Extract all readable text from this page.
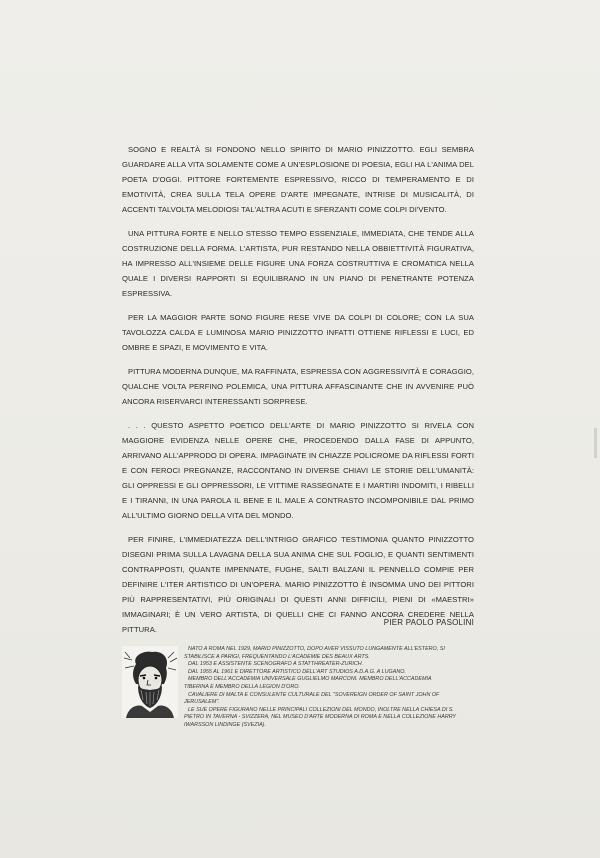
SOGNO E REALTÀ SI FONDONO NELLO SPIRITO DI MARIO PINIZZOTTO. EGLI SEMBRA GUARDARE ALLA VITA SOLAMENTE COME A UN'ESPLOSIONE DI POESIA, EGLI HA L'ANIMA DEL POETA D'OGGI. PITTORE FORTEMENTE ESPRESSIVO, RICCO DI TEMPERAMENTO E DI EMOTIVITÀ, CREA SULLA TELA OPERE D'ARTE IMPEGNATE, INTRISE DI MUSICALITÀ, DI ACCENTI TALVOLTA MELODIOSI TAL'ALTRA ACUTI E SFERZANTI COME COLPI DI'VENTO.

UNA PITTURA FORTE E NELLO STESSO TEMPO ESSENZIALE, IMMEDIATA, CHE TENDE ALLA COSTRUZIONE DELLA FORMA. L'ARTISTA, PUR RESTANDO NELLA OBBIETTIVITÀ FIGURATIVA, HA IMPRESSO ALL'INSIEME DELLE FIGURE UNA FORZA COSTRUTTIVA E CROMATICA NELLA QUALE I DIVERSI RAPPORTI SI EQUILIBRANO IN UN PIANO DI PENETRANTE POTENZA ESPRESSIVA.

PER LA MAGGIOR PARTE SONO FIGURE RESE VIVE DA COLPI DI COLORE; CON LA SUA TAVOLOZZA CALDA E LUMINOSA MARIO PINIZZOTTO INFATTI OTTIENE RIFLESSI E LUCI, ED OMBRE E SPAZI, E MOVIMENTO E VITA.

PITTURA MODERNA DUNQUE, MA RAFFINATA, ESPRESSA CON AGGRESSIVITÀ E CORAGGIO, QUALCHE VOLTA PERFINO POLEMICA, UNA PITTURA AFFASCINANTE CHE IN AVVENIRE PUÒ ANCORA RISERVARCI INTERESSANTI SORPRESE.

. . . QUESTO ASPETTO POETICO DELL'ARTE DI MARIO PINIZZOTTO SI RIVELA CON MAGGIORE EVIDENZA NELLE OPERE CHE, PROCEDENDO DALLA FASE DI APPUNTO, ARRIVANO ALL'APPRODO DI OPERA. IMPAGINATE IN CHIAZZE POLICROME DA RIFLESSI FORTI E CON FEROCI PREGNANZE, RACCONTANO IN DIVERSE CHIAVI LE STORIE DELL'UMANITÀ: GLI OPPRESSI E GLI OPPRESSORI, LE VITTIME RASSEGNATE E I MARTIRI INDOMITI, I RIBELLI E I TIRANNI, IN UNA PAROLA IL BENE E IL MALE A CONTRASTO INCOMPONIBILE DAL PRIMO ALL'ULTIMO GIORNO DELLA VITA DEL MONDO.

PER FINIRE, L'IMMEDIATEZZA DELL'INTRIGO GRAFICO TESTIMONIA QUANTO PINIZZOTTO DISEGNI PRIMA SULLA LAVAGNA DELLA SUA ANIMA CHE SUL FOGLIO, E QUANTI SENTIMENTI CONTRAPPOSTI, QUANTE IMPENNATE, FUGHE, SALTI BALZANI IL PENNELLO COMPIE PER DEFINIRE L'ITER ARTISTICO DI UN'OPERA. MARIO PINIZZOTTO È INSOMMA UNO DEI PITTORI PIÙ RAPPRESENTATIVI, PIÙ ORIGINALI DI QUESTI ANNI DIFFICILI, PIENI DI «MAESTRI» IMMAGINARI; È UN VERO ARTISTA, DI QUELLI CHE CI FANNO ANCORA CREDERE NELLA PITTURA.

PIER PAOLO PASOLINI
NATO A ROMA NEL 1929, MARIO PINIZZOTTO, DOPO AVER VISSUTO LUNGAMENTE ALL'ESTERO, SI
STABILISCE A PARIGI, FREQUENTANDO L'ACADÉMIE DES BEAUX ARTS.
DAL 1953 È ASSISTENTE SCENOGRAFO A STATTHREATER-ZURICH.
DAL 1955 AL 1961 È DIRETTORE ARTISTICO DELL'ART STUDIOS A.D.A.G. A LUGANO.
MEMBRO DELL'ACCADEMIA UNIVERSALE GUGLIELMO MARCONI. MEMBRO DELL'ACCADEMIA
TIBERINA E MEMBRO DELLA LEGION D'ORO.
CAVALIERE DI MALTA E CONSULENTE CULTURALE DEL "SOVEREIGN ORDER OF SAINT JOHN OF
JERUSALEM".
LE SUE OPERE FIGURANO NELLE PRINCIPALI COLLEZIONI DEL MONDO, INOLTRE NELLA CHIESA DI S.
PIETRO IN TAVERNA - SVIZZERA, NEL MUSEO D'ARTE MODERNA DI ROMA E NELLA COLLEZIONE HARRY
IWARSSON LINDINGE (SVEZIA).
